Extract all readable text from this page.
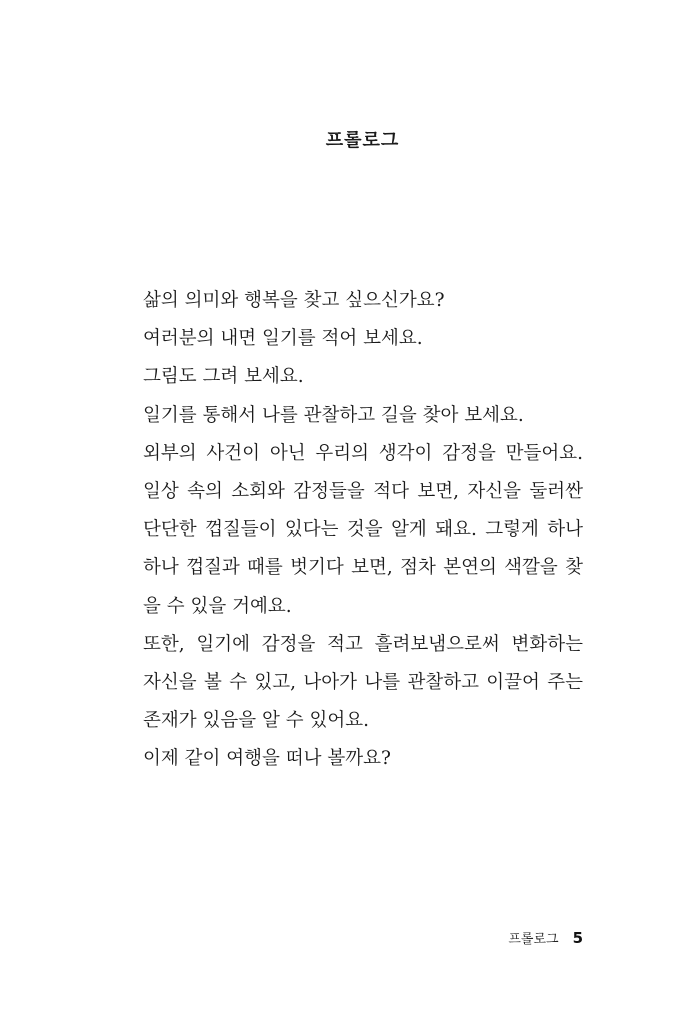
프롤로그
삶의 의미와 행복을 찾고 싶으신가요?
여러분의 내면 일기를 적어 보세요.
그림도 그려 보세요.
일기를 통해서 나를 관찰하고 길을 찾아 보세요.
외부의 사건이 아닌 우리의 생각이 감정을 만들어요.
일상 속의 소회와 감정들을 적다 보면, 자신을 둘러싼
단단한 껍질들이 있다는 것을 알게 돼요. 그렇게 하나
하나 껍질과 때를 벗기다 보면, 점차 본연의 색깔을 찾
을 수 있을 거예요.
또한, 일기에 감정을 적고 흘려보냄으로써 변화하는
자신을 볼 수 있고, 나아가 나를 관찰하고 이끌어 주는
존재가 있음을 알 수 있어요.
이제 같이 여행을 떠나 볼까요?
프롤로그 5
